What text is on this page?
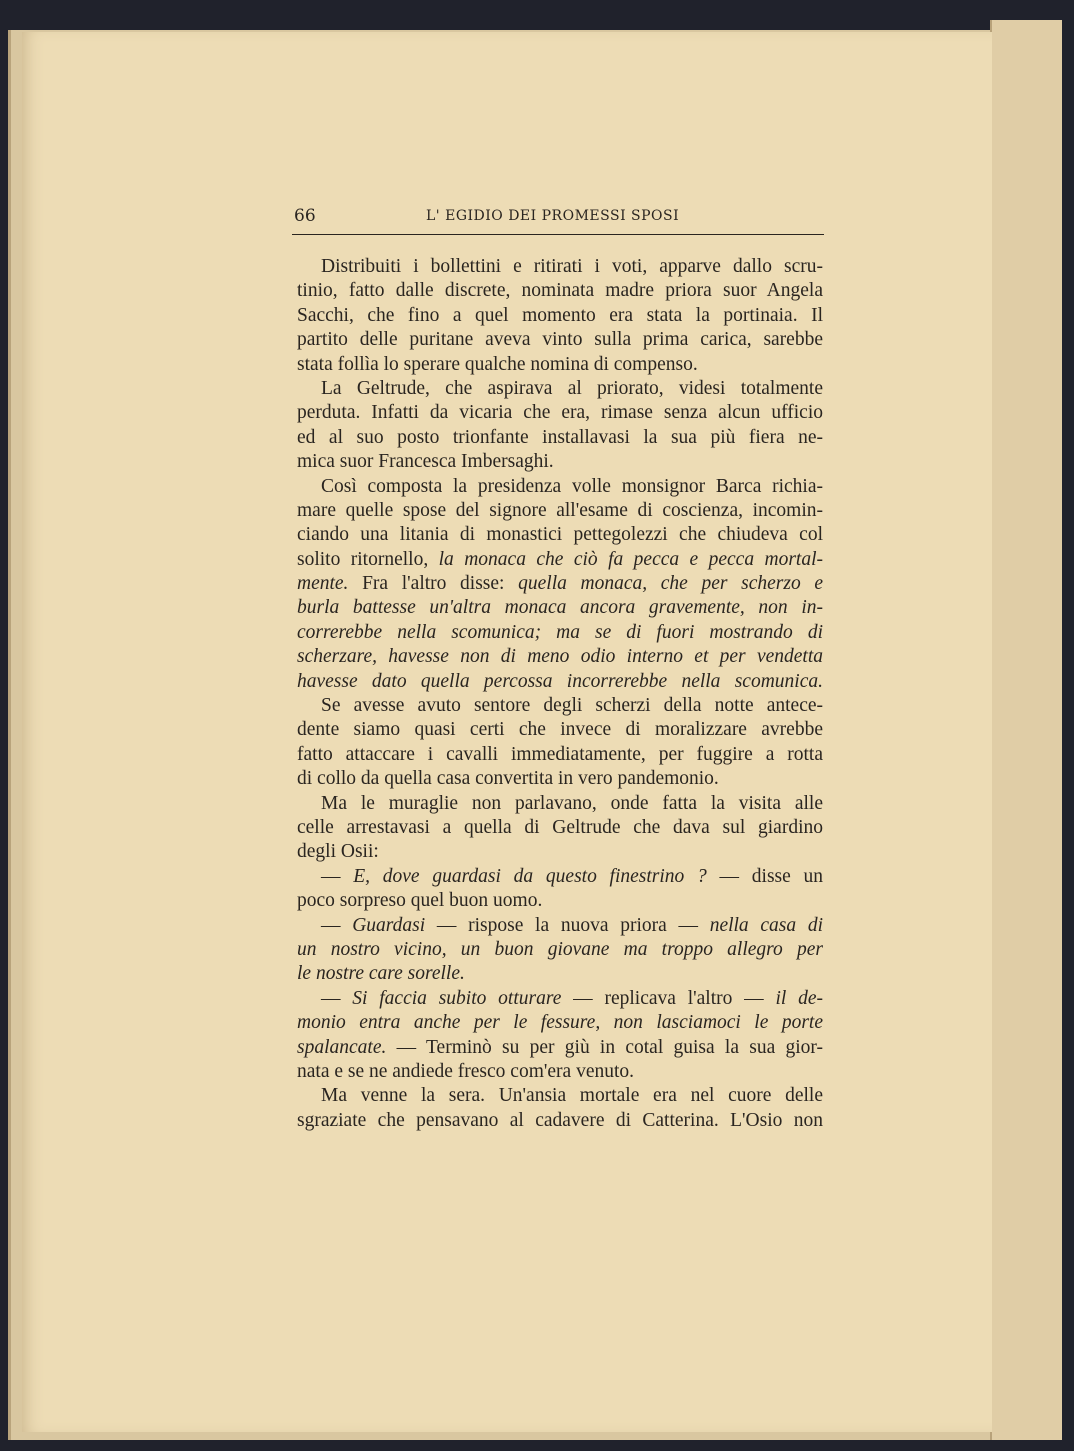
66	L' EGIDIO DEI PROMESSI SPOSI
Distribuiti i bollettini e ritirati i voti, apparve dallo scru-
tinio, fatto dalle discrete, nominata madre priora suor Angela
Sacchi, che fino a quel momento era stata la portinaia. Il
partito delle puritane aveva vinto sulla prima carica, sarebbe
stata follìa lo sperare qualche nomina di compenso.
La Geltrude, che aspirava al priorato, videsi totalmente
perduta. Infatti da vicaria che era, rimase senza alcun ufficio
ed al suo posto trionfante installavasi la sua più fiera ne-
mica suor Francesca Imbersaghi.
Così composta la presidenza volle monsignor Barca richia-
mare quelle spose del signore all'esame di coscienza, incomin-
ciando una litania di monastici pettegolezzi che chiudeva col
solito ritornello, la monaca che ciò fa pecca e pecca mortal-
mente. Fra l'altro disse: quella monaca, che per scherzo e
burla battesse un'altra monaca ancora gravemente, non in-
correrebbe nella scomunica; ma se di fuori mostrando di
scherzare, havesse non di meno odio interno et per vendetta
havesse dato quella percossa incorrerebbe nella scomunica.
Se avesse avuto sentore degli scherzi della notte antece-
dente siamo quasi certi che invece di moralizzare avrebbe
fatto attaccare i cavalli immediatamente, per fuggire a rotta
di collo da quella casa convertita in vero pandemonio.
Ma le muraglie non parlavano, onde fatta la visita alle
celle arrestavasi a quella di Geltrude che dava sul giardino
degli Osii:
— E, dove guardasi da questo finestrino ? — disse un
poco sorpreso quel buon uomo.
— Guardasi — rispose la nuova priora — nella casa di
un nostro vicino, un buon giovane ma troppo allegro per
le nostre care sorelle.
— Si faccia subito otturare — replicava l'altro — il de-
monio entra anche per le fessure, non lasciamoci le porte
spalancate. — Terminò su per giù in cotal guisa la sua gior-
nata e se ne andiede fresco com'era venuto.
Ma venne la sera. Un'ansia mortale era nel cuore delle
sgraziate che pensavano al cadavere di Catterina. L'Osio non
